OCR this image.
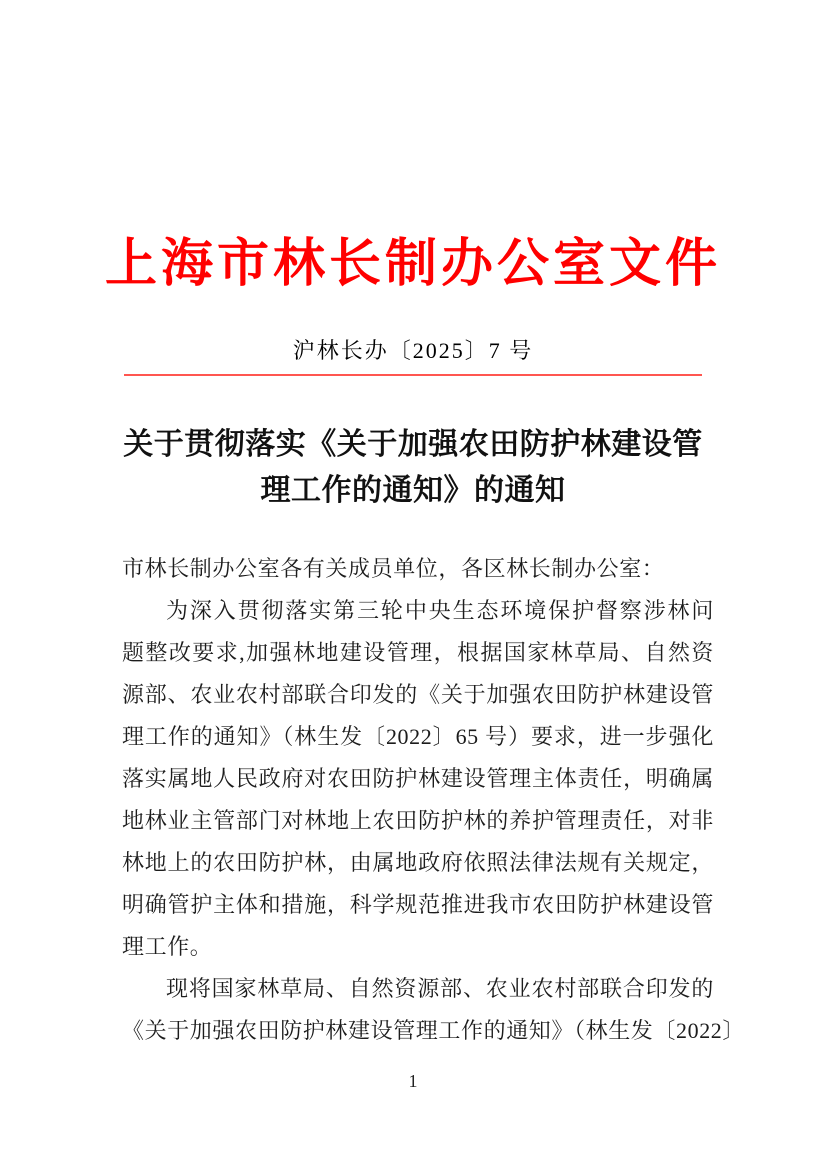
上海市林长制办公室文件
沪林长办〔2025〕7 号
关于贯彻落实《关于加强农田防护林建设管理工作的通知》的通知
市林长制办公室各有关成员单位，各区林长制办公室：
为深入贯彻落实第三轮中央生态环境保护督察涉林问
题整改要求,加强林地建设管理，根据国家林草局、自然资
源部、农业农村部联合印发的《关于加强农田防护林建设管
理工作的通知》（林生发〔2022〕65 号）要求，进一步强化
落实属地人民政府对农田防护林建设管理主体责任，明确属
地林业主管部门对林地上农田防护林的养护管理责任，对非
林地上的农田防护林，由属地政府依照法律法规有关规定，
明确管护主体和措施，科学规范推进我市农田防护林建设管
理工作。
现将国家林草局、自然资源部、农业农村部联合印发的
《关于加强农田防护林建设管理工作的通知》（林生发〔2022〕
1
